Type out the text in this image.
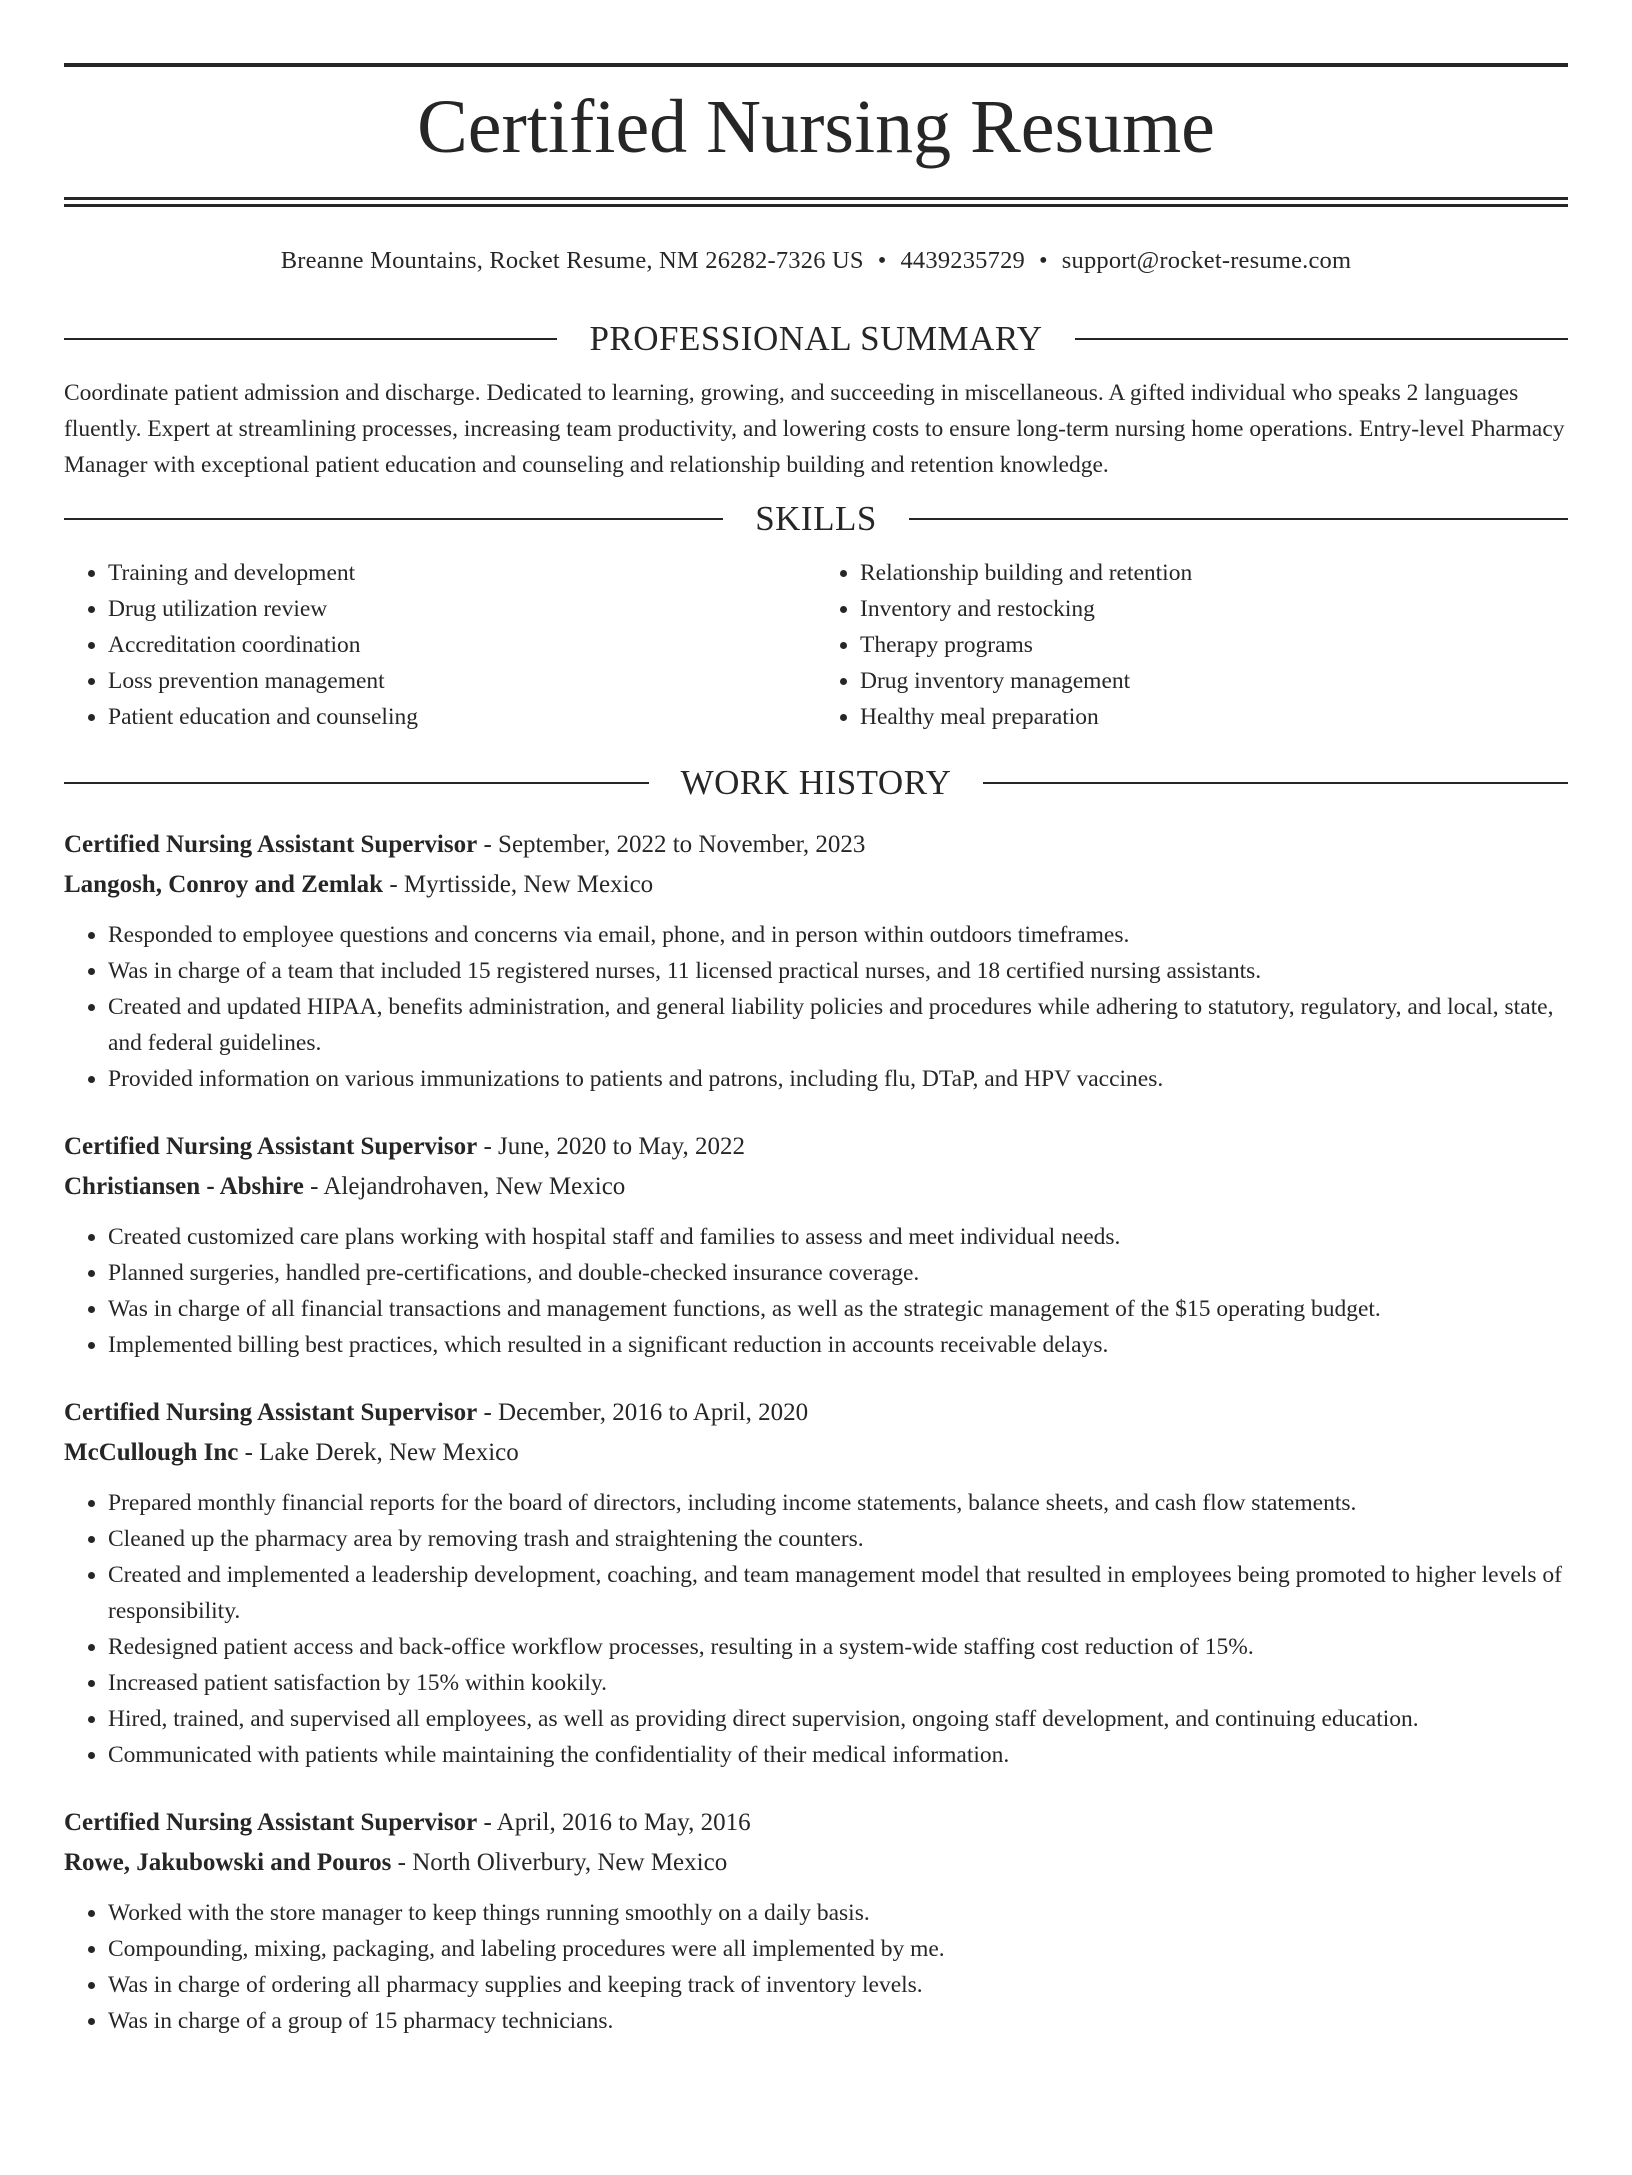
Certified Nursing Resume
Breanne Mountains, Rocket Resume, NM 26282-7326 US • 4439235729 • support@rocket-resume.com
PROFESSIONAL SUMMARY
Coordinate patient admission and discharge. Dedicated to learning, growing, and succeeding in miscellaneous. A gifted individual who speaks 2 languages fluently. Expert at streamlining processes, increasing team productivity, and lowering costs to ensure long-term nursing home operations. Entry-level Pharmacy Manager with exceptional patient education and counseling and relationship building and retention knowledge.
SKILLS
• Training and development
• Drug utilization review
• Accreditation coordination
• Loss prevention management
• Patient education and counseling
• Relationship building and retention
• Inventory and restocking
• Therapy programs
• Drug inventory management
• Healthy meal preparation
WORK HISTORY
Certified Nursing Assistant Supervisor - September, 2022 to November, 2023
Langosh, Conroy and Zemlak - Myrtisside, New Mexico
• Responded to employee questions and concerns via email, phone, and in person within outdoors timeframes.
• Was in charge of a team that included 15 registered nurses, 11 licensed practical nurses, and 18 certified nursing assistants.
• Created and updated HIPAA, benefits administration, and general liability policies and procedures while adhering to statutory, regulatory, and local, state, and federal guidelines.
• Provided information on various immunizations to patients and patrons, including flu, DTaP, and HPV vaccines.
Certified Nursing Assistant Supervisor - June, 2020 to May, 2022
Christiansen - Abshire - Alejandrohaven, New Mexico
• Created customized care plans working with hospital staff and families to assess and meet individual needs.
• Planned surgeries, handled pre-certifications, and double-checked insurance coverage.
• Was in charge of all financial transactions and management functions, as well as the strategic management of the $15 operating budget.
• Implemented billing best practices, which resulted in a significant reduction in accounts receivable delays.
Certified Nursing Assistant Supervisor - December, 2016 to April, 2020
McCullough Inc - Lake Derek, New Mexico
• Prepared monthly financial reports for the board of directors, including income statements, balance sheets, and cash flow statements.
• Cleaned up the pharmacy area by removing trash and straightening the counters.
• Created and implemented a leadership development, coaching, and team management model that resulted in employees being promoted to higher levels of responsibility.
• Redesigned patient access and back-office workflow processes, resulting in a system-wide staffing cost reduction of 15%.
• Increased patient satisfaction by 15% within kookily.
• Hired, trained, and supervised all employees, as well as providing direct supervision, ongoing staff development, and continuing education.
• Communicated with patients while maintaining the confidentiality of their medical information.
Certified Nursing Assistant Supervisor - April, 2016 to May, 2016
Rowe, Jakubowski and Pouros - North Oliverbury, New Mexico
• Worked with the store manager to keep things running smoothly on a daily basis.
• Compounding, mixing, packaging, and labeling procedures were all implemented by me.
• Was in charge of ordering all pharmacy supplies and keeping track of inventory levels.
• Was in charge of a group of 15 pharmacy technicians.
